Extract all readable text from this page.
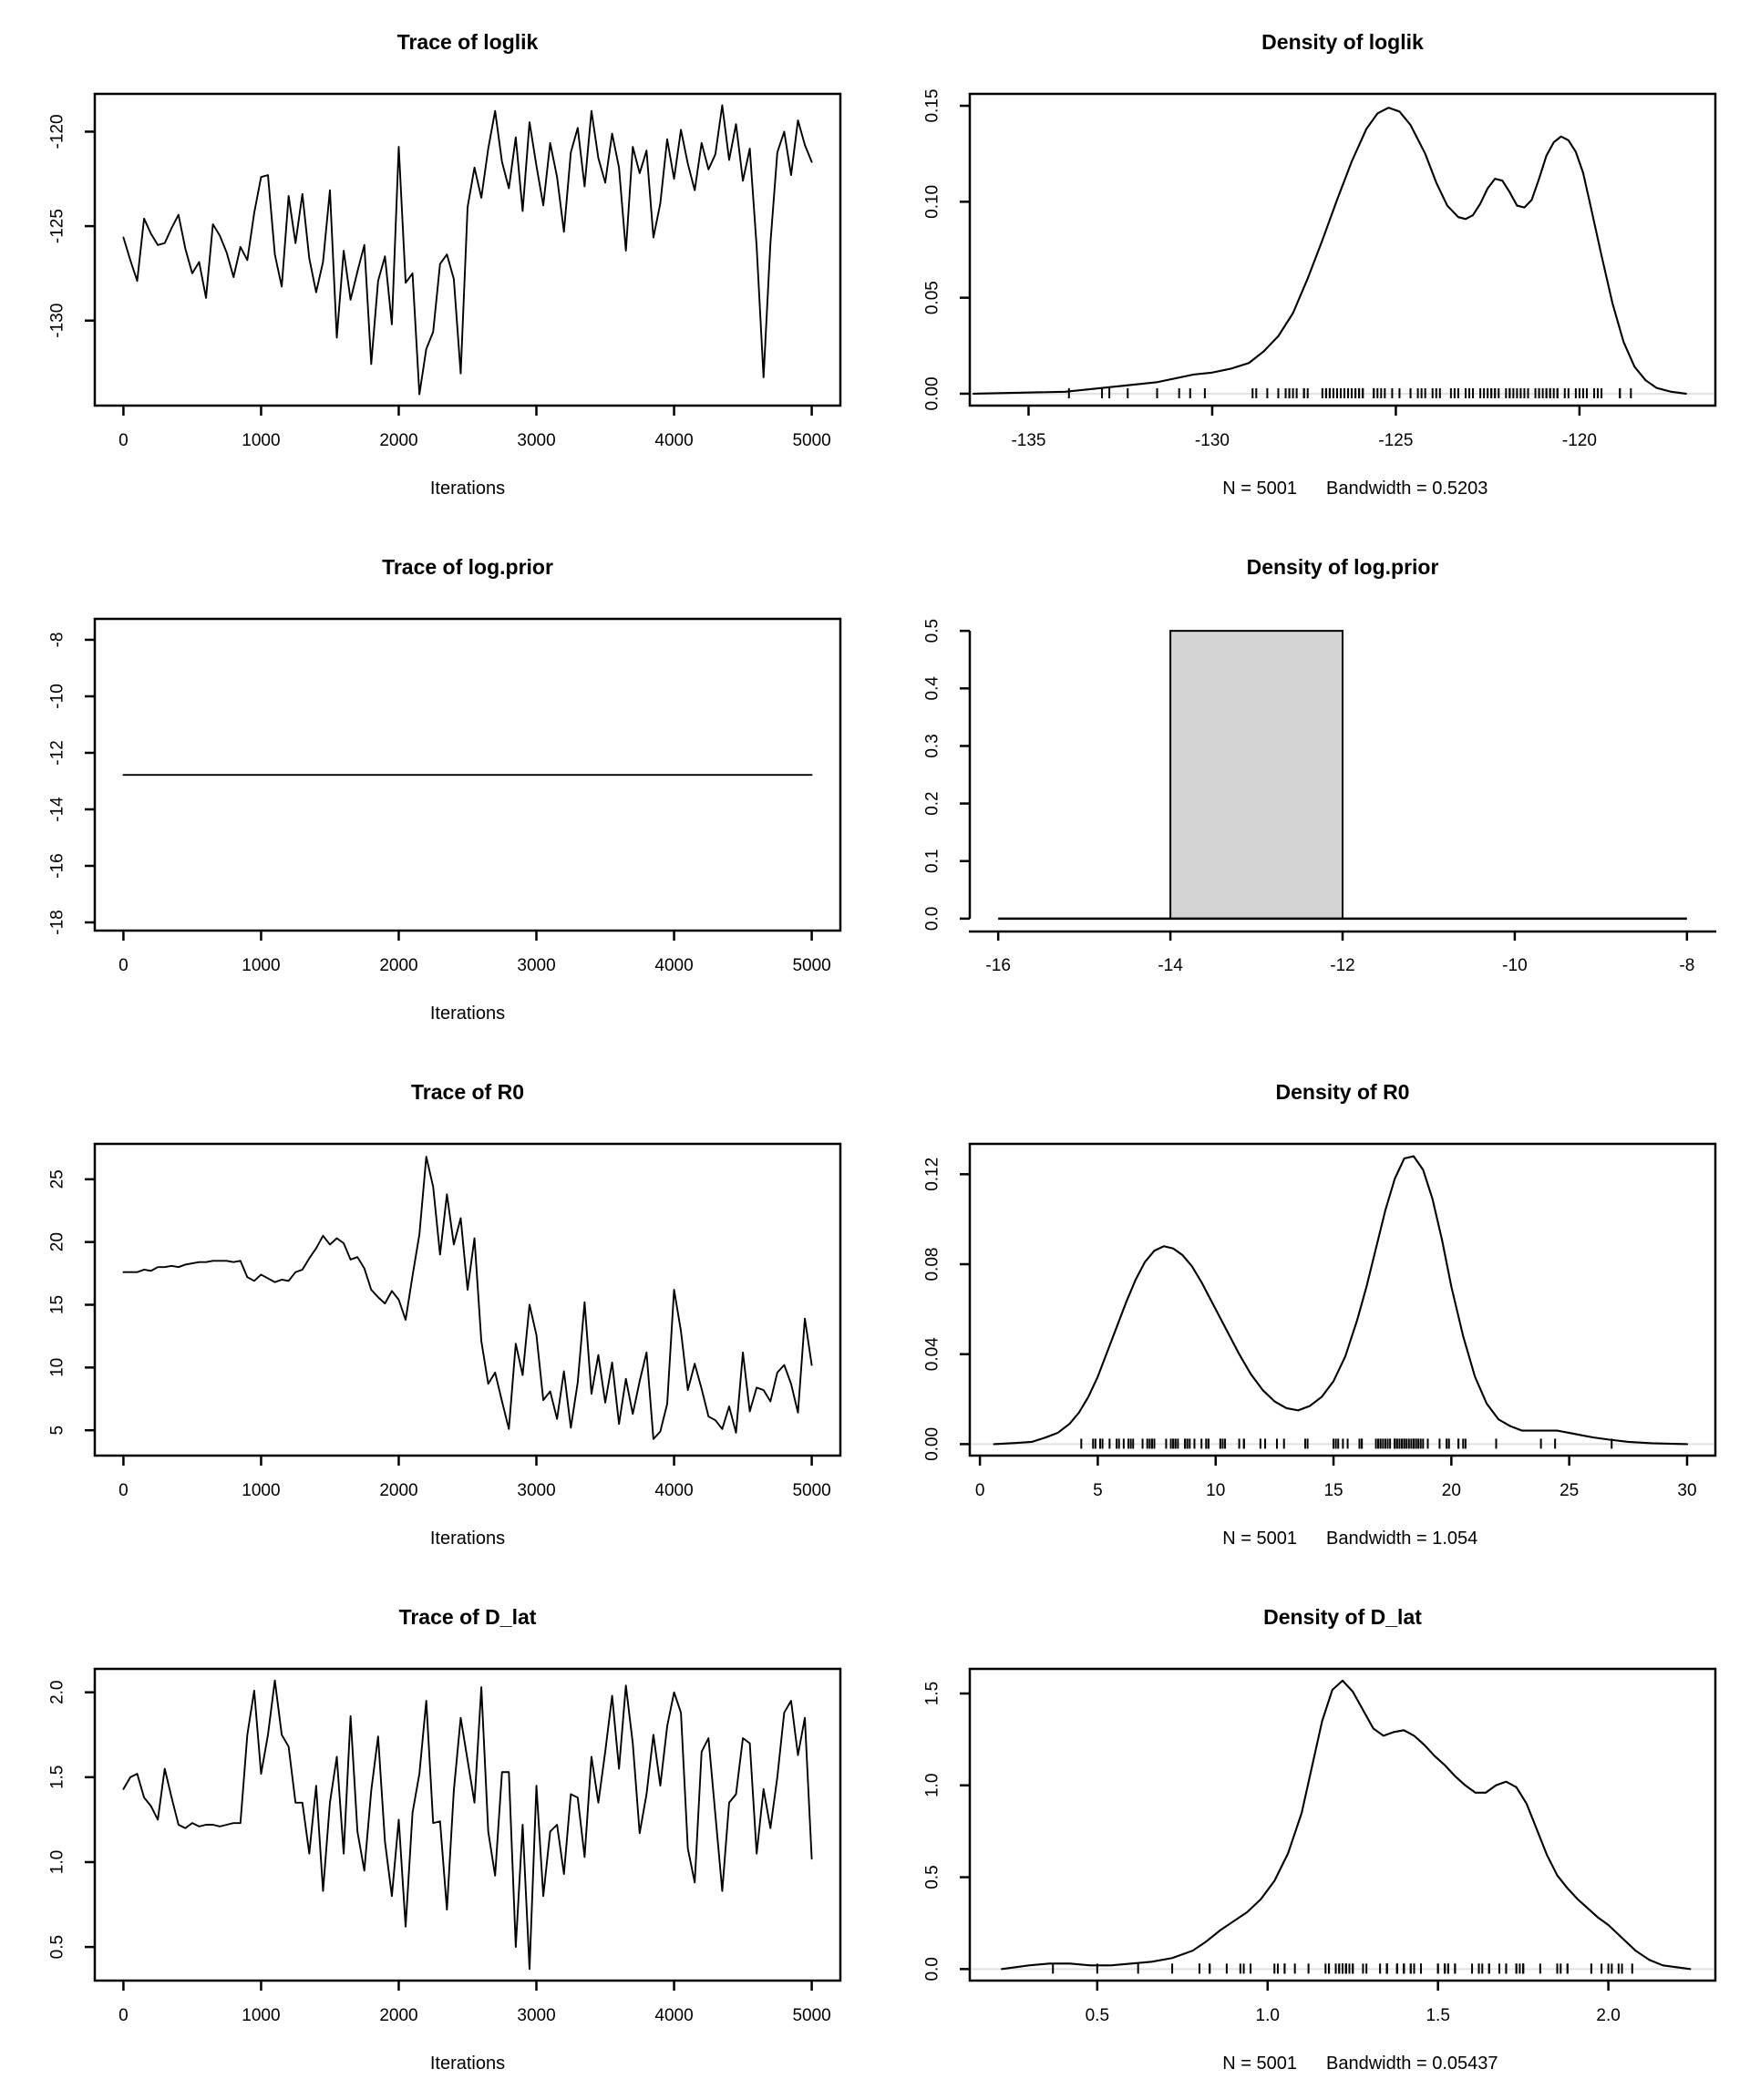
Trace of loglik
0	1000	2000	3000	4000	5000
-120
-125
-130
Iterations
Density of loglik
-135	-130	-125	-120
0.00
0.05
0.10
0.15
N = 5001 Bandwidth = 0.5203
Trace of log.prior
0	1000	2000	3000	4000	5000
-8
-10
-12
-14
-16
-18
Iterations
Density of log.prior
-16	-14	-12	-10	-8
0.0
0.1
0.2
0.3
0.4
0.5
Trace of R0
0	1000	2000	3000	4000	5000
5
10
15
20
25
Iterations
Density of R0
0	5	10	15	20	25	30
0.00
0.04
0.08
0.12
N = 5001 Bandwidth = 1.054
Trace of D_lat
0	1000	2000	3000	4000	5000
0.5
1.0
1.5
2.0
Iterations
Density of D_lat
0.5	1.0	1.5	2.0
0.0
0.5
1.0
1.5
N = 5001 Bandwidth = 0.05437
